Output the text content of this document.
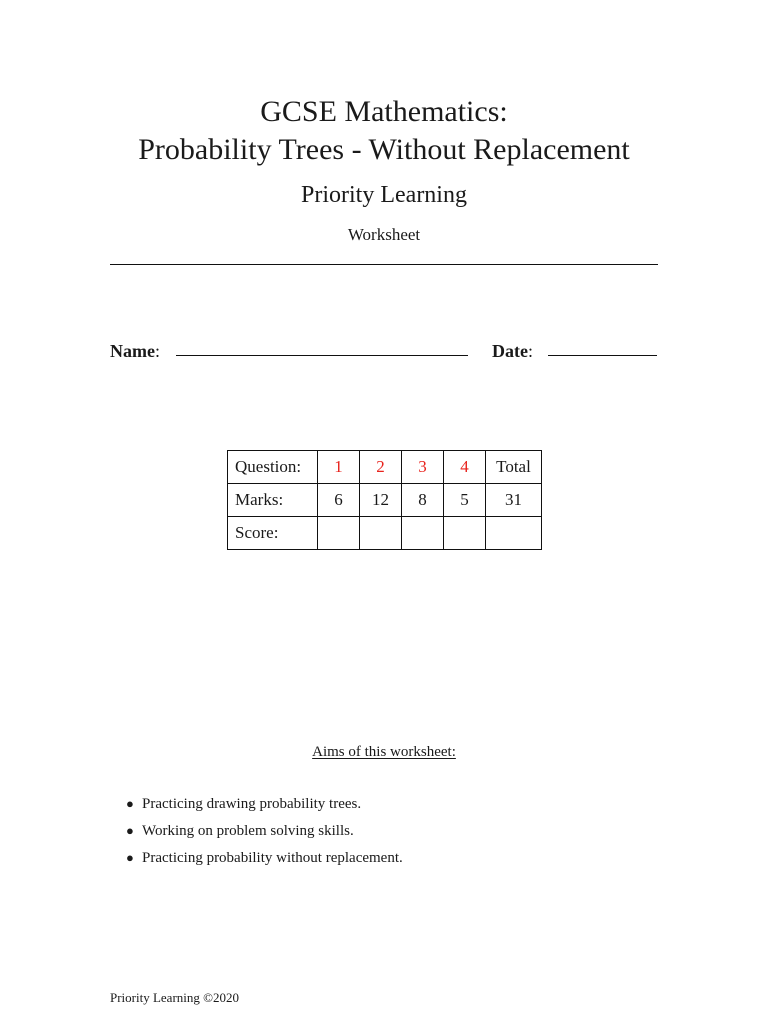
GCSE Mathematics:
Probability Trees - Without Replacement
Priority Learning
Worksheet
Name:	Date:
Question:	1	2	3	4	Total
Marks:	6	12	8	5	31
Score:					
Aims of this worksheet:
● Practicing drawing probability trees.
● Working on problem solving skills.
● Practicing probability without replacement.
Priority Learning ©2020
